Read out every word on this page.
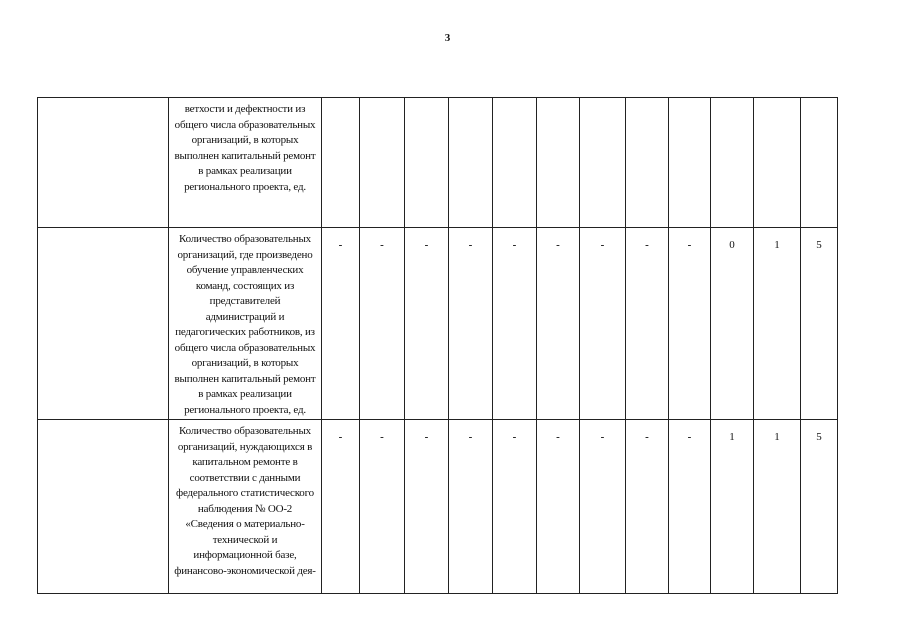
3
	ветхости и дефектности из общего числа образовательных организаций, в которых выполнен капитальный ремонт в рамках реализации регионального проекта, ед.												
	Количество образовательных организаций, где произведено обучение управленческих команд, состоящих из представителей администраций и педагогических работников, из общего числа образовательных организаций, в которых выполнен капитальный ремонт в рамках реализации регионального проекта, ед.	-	-	-	-	-	-	-	-	-	0	1	5
	Количество образовательных организаций, нуждающихся в капитальном ремонте в соответствии с данными федерального статистического наблюдения № ОО-2 «Сведения о материально-технической и информационной базе, финансово-экономической дея-	-	-	-	-	-	-	-	-	-	1	1	5
